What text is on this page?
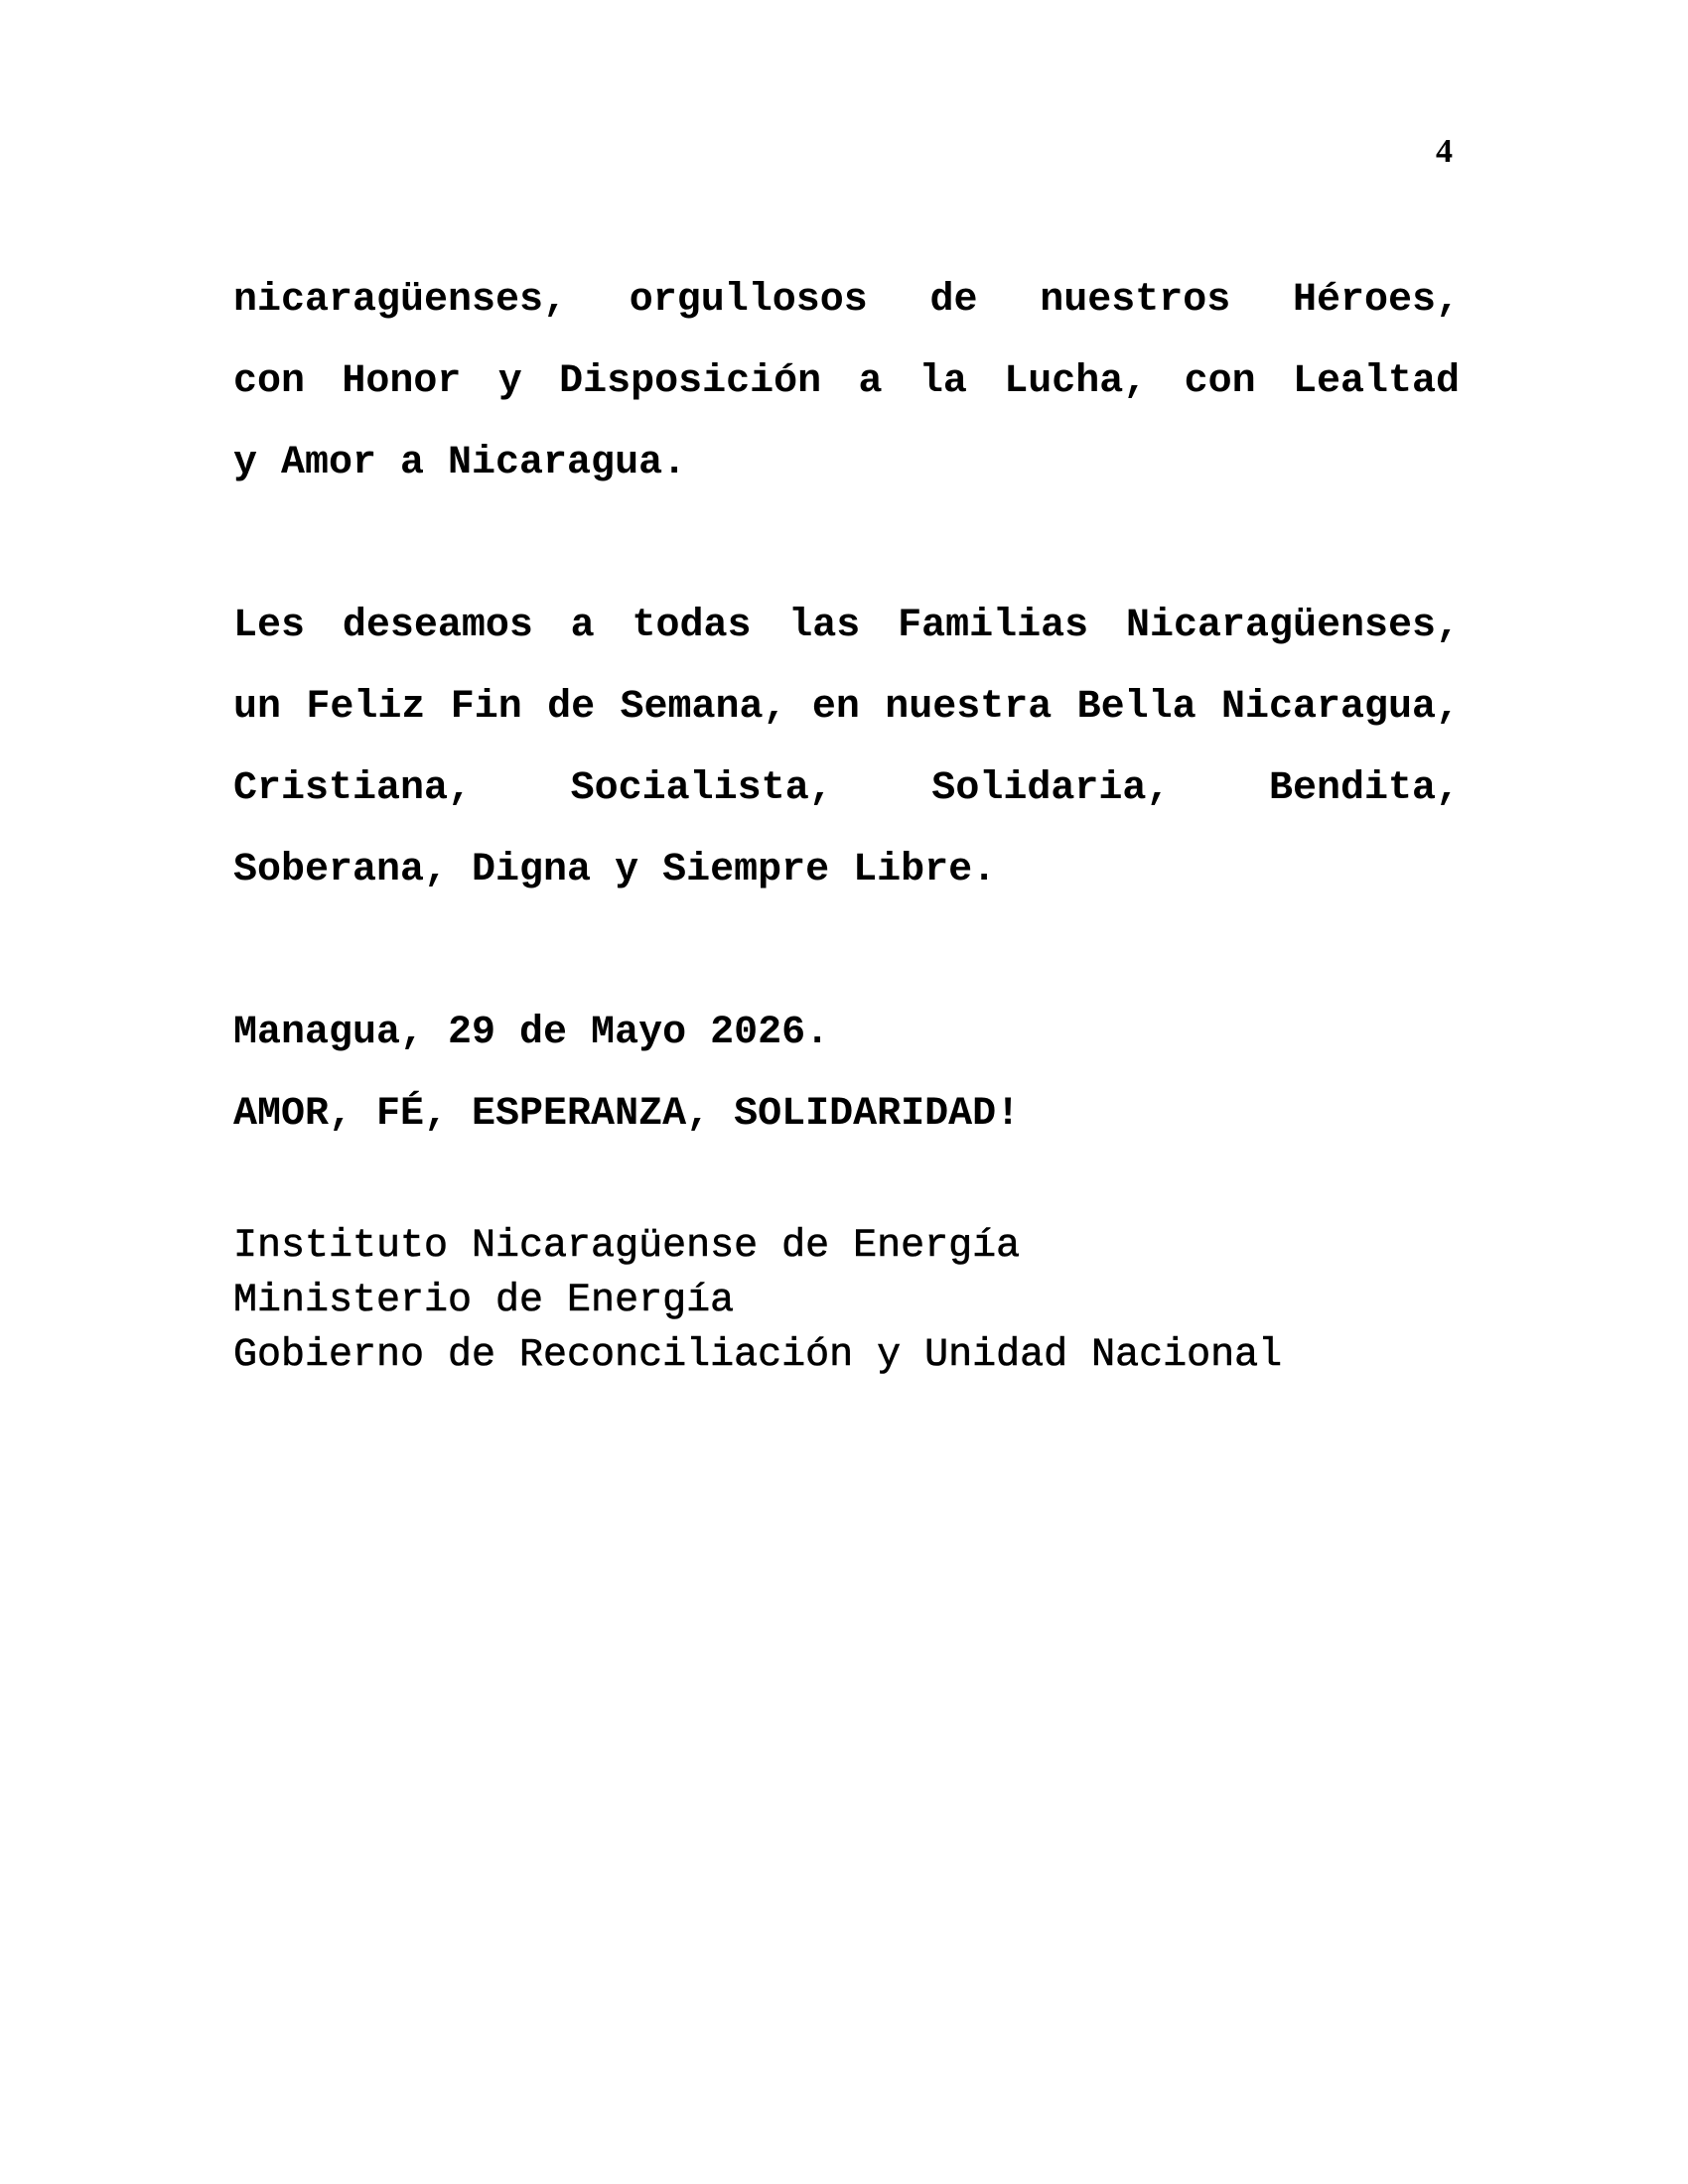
4

nicaragüenses, orgullosos de nuestros Héroes,
con Honor y Disposición a la Lucha, con Lealtad
y Amor a Nicaragua.

Les deseamos a todas las Familias Nicaragüenses,
un Feliz Fin de Semana, en nuestra Bella Nicaragua,
Cristiana, Socialista, Solidaria, Bendita,
Soberana, Digna y Siempre Libre.

Managua, 29 de Mayo 2026.
AMOR, FÉ, ESPERANZA, SOLIDARIDAD!
Instituto Nicaragüense de Energía
Ministerio de Energía
Gobierno de Reconciliación y Unidad Nacional
